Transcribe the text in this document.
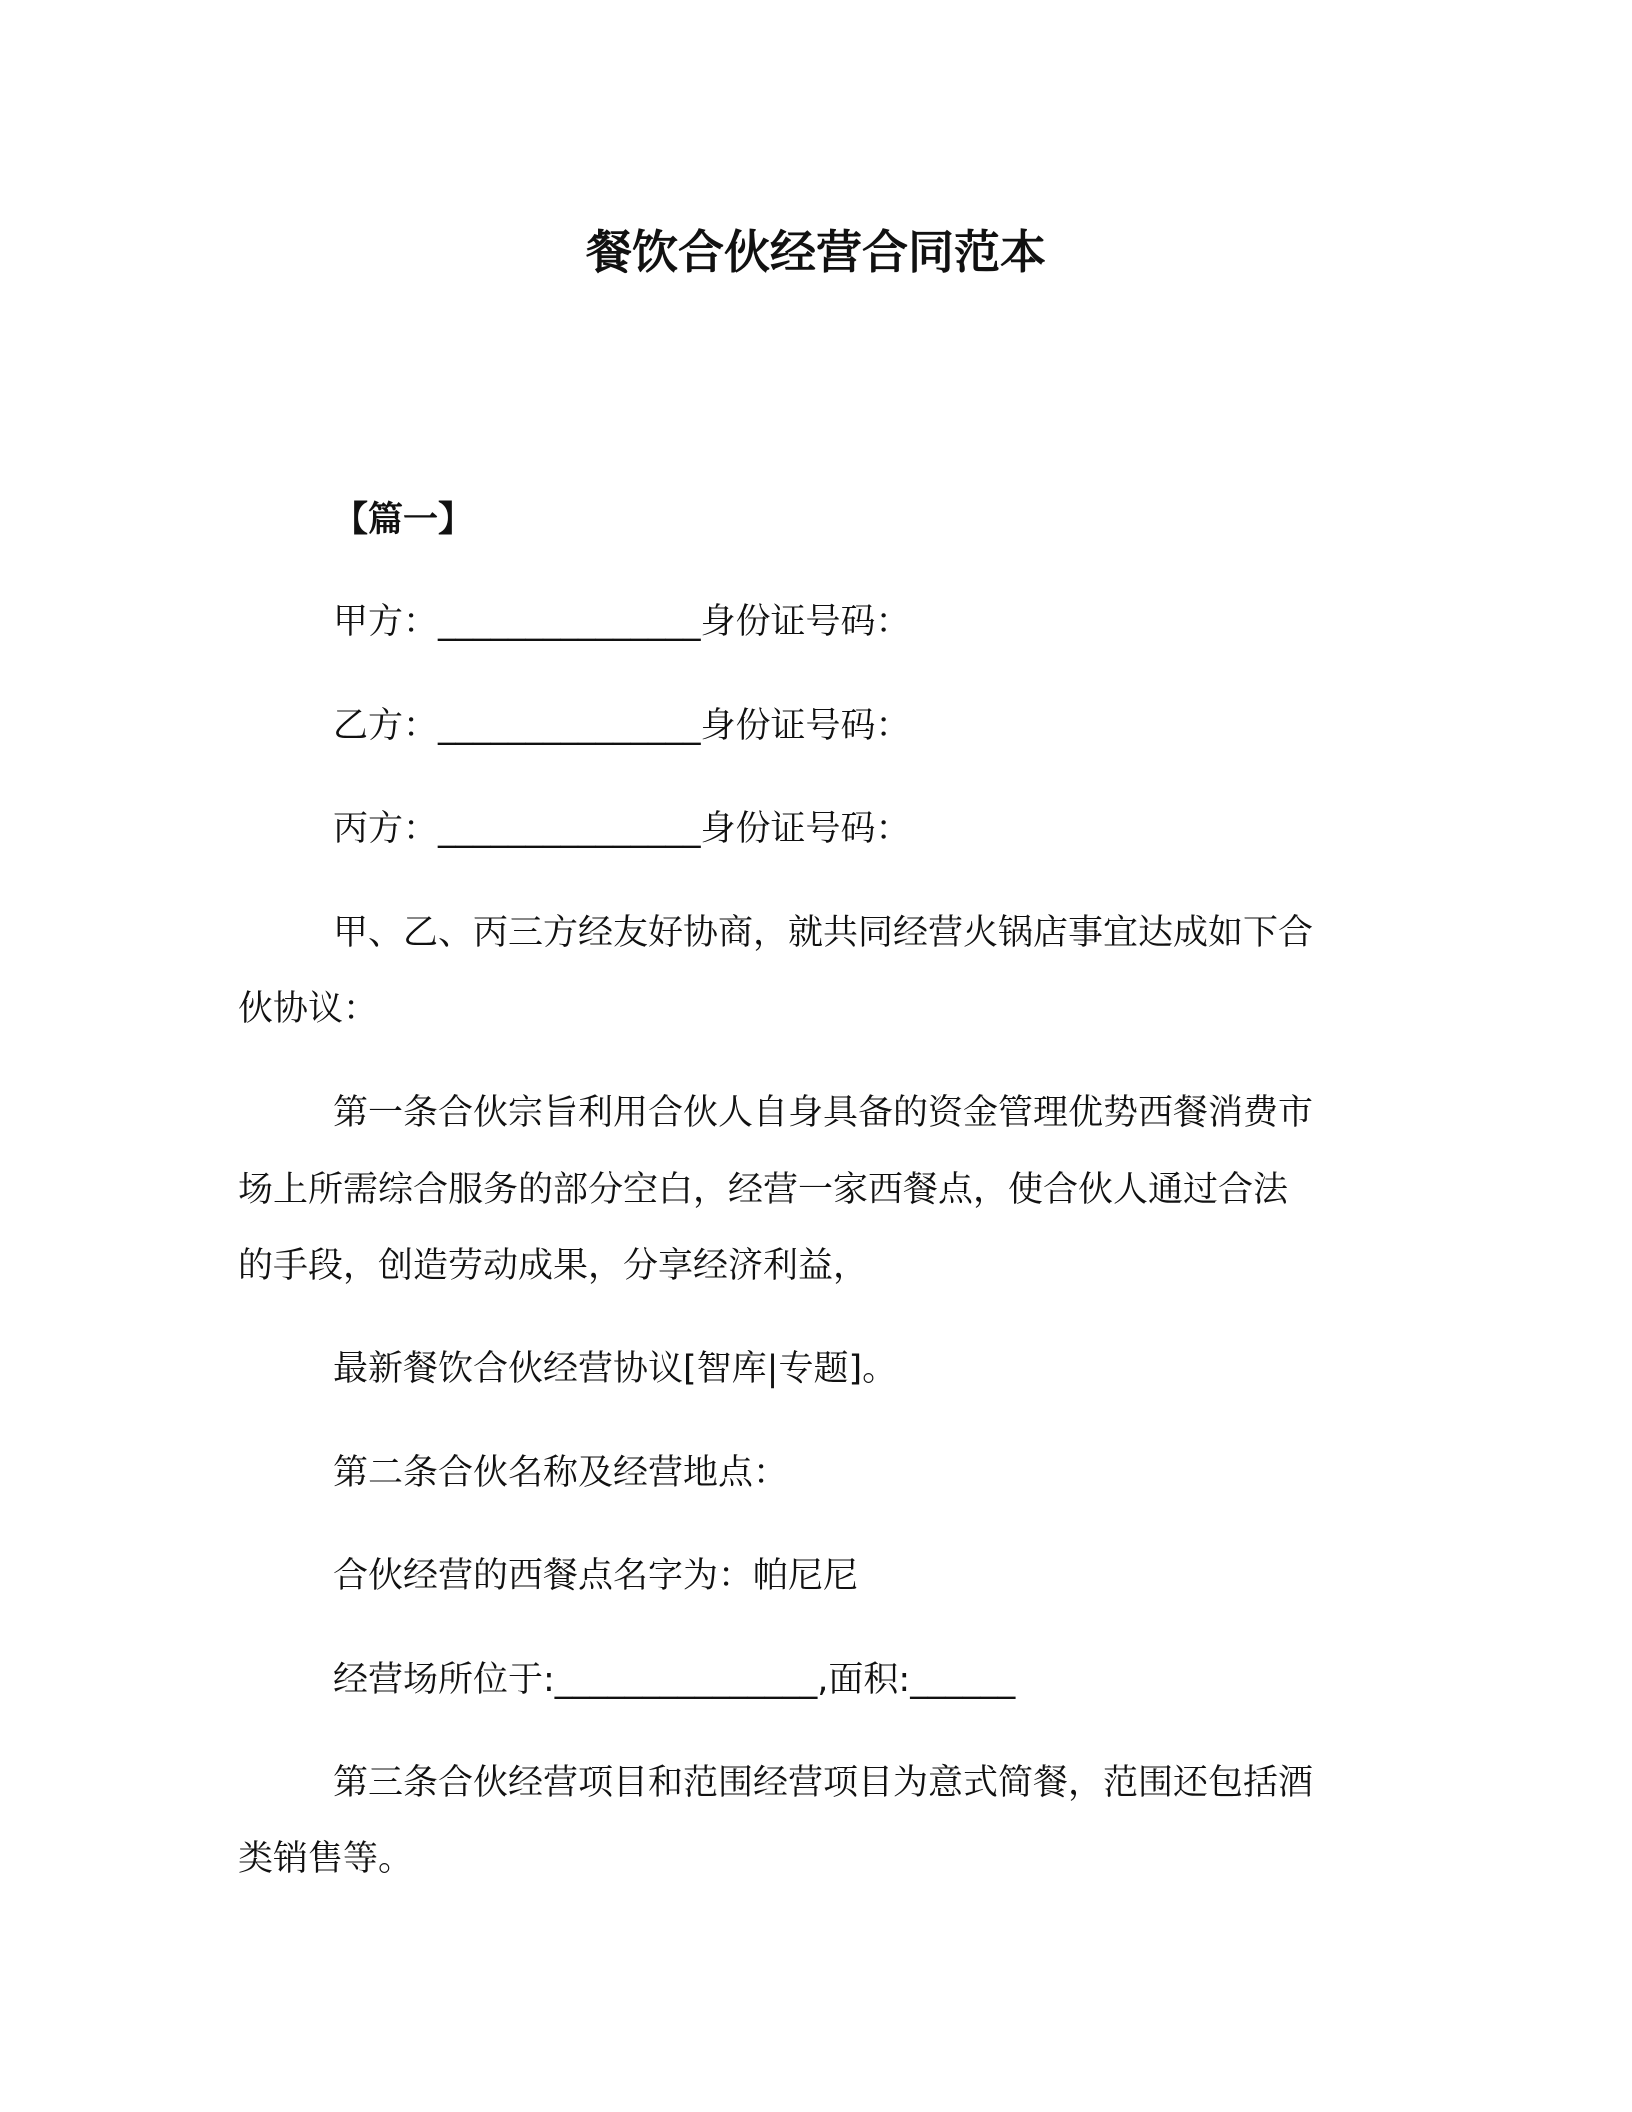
餐饮合伙经营合同范本
【篇一】
甲方：_______________身份证号码：
乙方：_______________身份证号码：
丙方：_______________身份证号码：
甲、乙、丙三方经友好协商，就共同经营火锅店事宜达成如下合
伙协议：
第一条合伙宗旨利用合伙人自身具备的资金管理优势西餐消费市
场上所需综合服务的部分空白，经营一家西餐点，使合伙人通过合法
的手段，创造劳动成果，分享经济利益，
最新餐饮合伙经营协议[智库|专题]。
第二条合伙名称及经营地点：
合伙经营的西餐点名字为：帕尼尼
经营场所位于:_______________,面积:______
第三条合伙经营项目和范围经营项目为意式简餐，范围还包括酒
类销售等。
